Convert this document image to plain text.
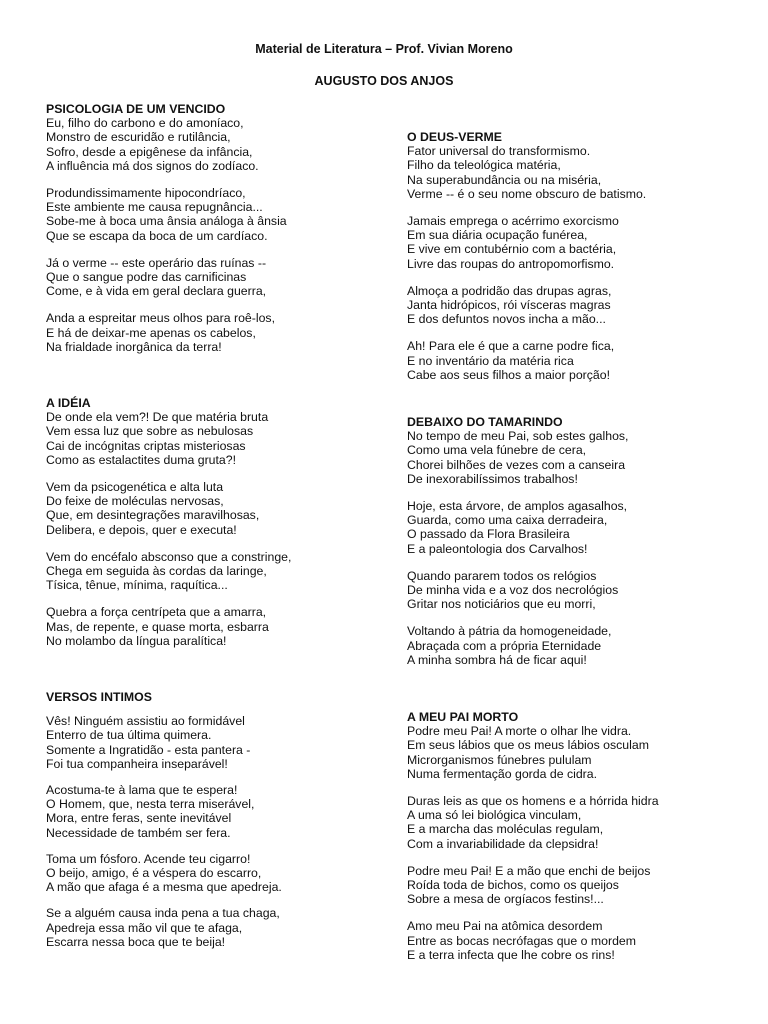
Material de Literatura – Prof. Vivian Moreno
AUGUSTO DOS ANJOS
PSICOLOGIA DE UM VENCIDO
Eu, filho do carbono e do amoníaco,
Monstro de escuridão e rutilância,
Sofro, desde a epigênese da infância,
A influência má dos signos do zodíaco.
Produndissimamente hipocondríaco,
Este ambiente me causa repugnância...
Sobe-me à boca uma ânsia análoga à ânsia
Que se escapa da boca de um cardíaco.
Já o verme -- este operário das ruínas --
Que o sangue podre das carnificinas
Come, e à vida em geral declara guerra,
Anda a espreitar meus olhos para roê-los,
E há de deixar-me apenas os cabelos,
Na frialdade inorgânica da terra!
A IDÉIA
De onde ela vem?! De que matéria bruta
Vem essa luz que sobre as nebulosas
Cai de incógnitas criptas misteriosas
Como as estalactites duma gruta?!
Vem da psicogenética e alta luta
Do feixe de moléculas nervosas,
Que, em desintegrações maravilhosas,
Delibera, e depois, quer e executa!
Vem do encéfalo absconso que a constringe,
Chega em seguida às cordas da laringe,
Tísica, tênue, mínima, raquítica...
Quebra a força centrípeta que a amarra,
Mas, de repente, e quase morta, esbarra
No molambo da língua paralítica!
VERSOS INTIMOS
Vês! Ninguém assistiu ao formidável
Enterro de tua última quimera.
Somente a Ingratidão - esta pantera -
Foi tua companheira inseparável!
Acostuma-te à lama que te espera!
O Homem, que, nesta terra miserável,
Mora, entre feras, sente inevitável
Necessidade de também ser fera.
Toma um fósforo. Acende teu cigarro!
O beijo, amigo, é a véspera do escarro,
A mão que afaga é a mesma que apedreja.
Se a alguém causa inda pena a tua chaga,
Apedreja essa mão vil que te afaga,
Escarra nessa boca que te beija!
O DEUS-VERME
Fator universal do transformismo.
Filho da teleológica matéria,
Na superabundância ou na miséria,
Verme -- é o seu nome obscuro de batismo.
Jamais emprega o acérrimo exorcismo
Em sua diária ocupação funérea,
E vive em contubérnio com a bactéria,
Livre das roupas do antropomorfismo.
Almoça a podridão das drupas agras,
Janta hidrópicos, rói vísceras magras
E dos defuntos novos incha a mão...
Ah! Para ele é que a carne podre fica,
E no inventário da matéria rica
Cabe aos seus filhos a maior porção!
DEBAIXO DO TAMARINDO
No tempo de meu Pai, sob estes galhos,
Como uma vela fúnebre de cera,
Chorei bilhões de vezes com a canseira
De inexorabilíssimos trabalhos!
Hoje, esta árvore, de amplos agasalhos,
Guarda, como uma caixa derradeira,
O passado da Flora Brasileira
E a paleontologia dos Carvalhos!
Quando pararem todos os relógios
De minha vida e a voz dos necrológios
Gritar nos noticiários que eu morri,
Voltando à pátria da homogeneidade,
Abraçada com a própria Eternidade
A minha sombra há de ficar aqui!
A MEU PAI MORTO
Podre meu Pai! A morte o olhar lhe vidra.
Em seus lábios que os meus lábios osculam
Microrganismos fúnebres pululam
Numa fermentação gorda de cidra.
Duras leis as que os homens e a hórrida hidra
A uma só lei biológica vinculam,
E a marcha das moléculas regulam,
Com a invariabilidade da clepsidra!
Podre meu Pai! E a mão que enchi de beijos
Roída toda de bichos, como os queijos
Sobre a mesa de orgíacos festins!...
Amo meu Pai na atômica desordem
Entre as bocas necrófagas que o mordem
E a terra infecta que lhe cobre os rins!
